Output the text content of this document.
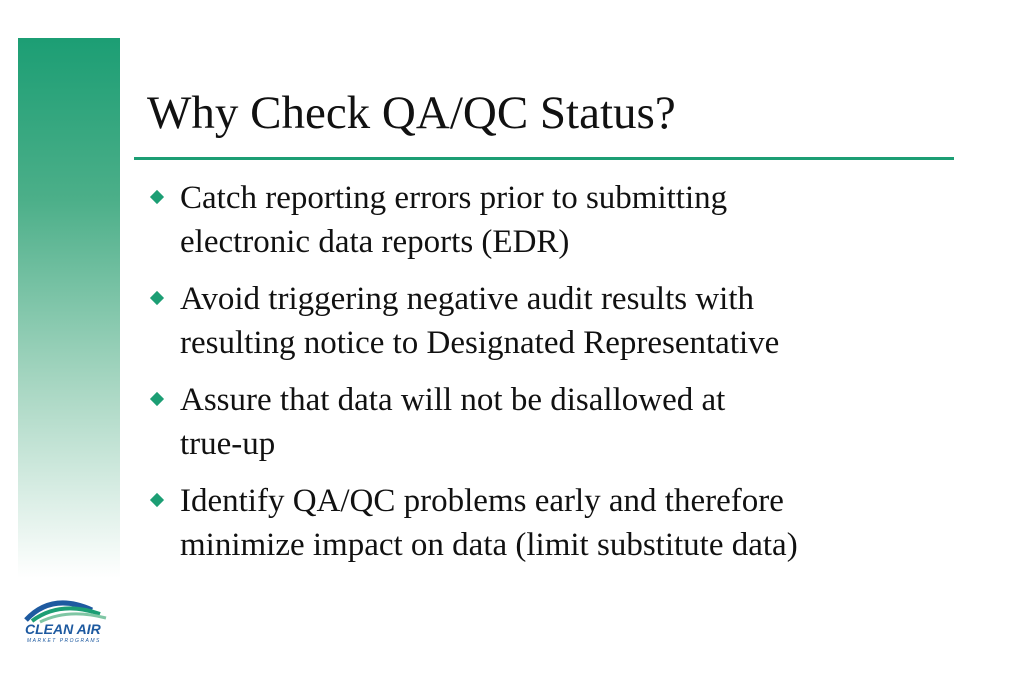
Why Check QA/QC Status?
Catch reporting errors prior to submitting
electronic data reports (EDR)
Avoid triggering negative audit results with
resulting notice to Designated Representative
Assure that data will not be disallowed at
true-up
Identify QA/QC problems early and therefore
minimize impact on data (limit substitute data)
CLEAN AIR
MARKET PROGRAMS
